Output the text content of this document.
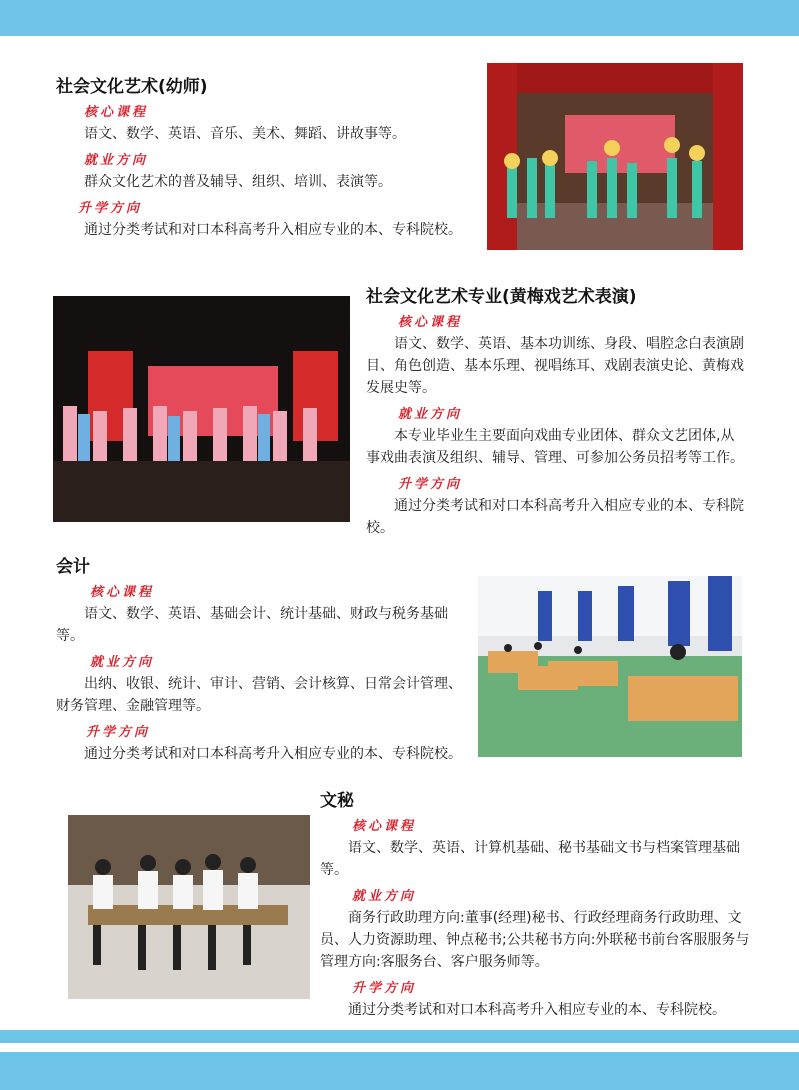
社会文化艺术(幼师)
核心课程

语文、数学、英语、音乐、美术、舞蹈、讲故事等。

就业方向

群众文化艺术的普及辅导、组织、培训、表演等。

升学方向

通过分类考试和对口本科高考升入相应专业的本、专科院校。

社会文化艺术专业(黄梅戏艺术表演)
核心课程

语文、数学、英语、基本功训练、身段、唱腔念白表演剧目、角色创造、基本乐理、视唱练耳、戏剧表演史论、黄梅戏发展史等。

就业方向

本专业毕业生主要面向戏曲专业团体、群众文艺团体,从事戏曲表演及组织、辅导、管理、可参加公务员招考等工作。

升学方向

通过分类考试和对口本科高考升入相应专业的本、专科院校。

会计
核心课程

语文、数学、英语、基础会计、统计基础、财政与税务基础等。

就业方向

出纳、收银、统计、审计、营销、会计核算、日常会计管理、财务管理、金融管理等。

升学方向

通过分类考试和对口本科高考升入相应专业的本、专科院校。

文秘
核心课程

语文、数学、英语、计算机基础、秘书基础文书与档案管理基础等。

就业方向

商务行政助理方向:董事(经理)秘书、行政经理商务行政助理、文员、人力资源助理、钟点秘书;公共秘书方向:外联秘书前台客服服务与管理方向:客服务台、客户服务师等。

升学方向

通过分类考试和对口本科高考升入相应专业的本、专科院校。
